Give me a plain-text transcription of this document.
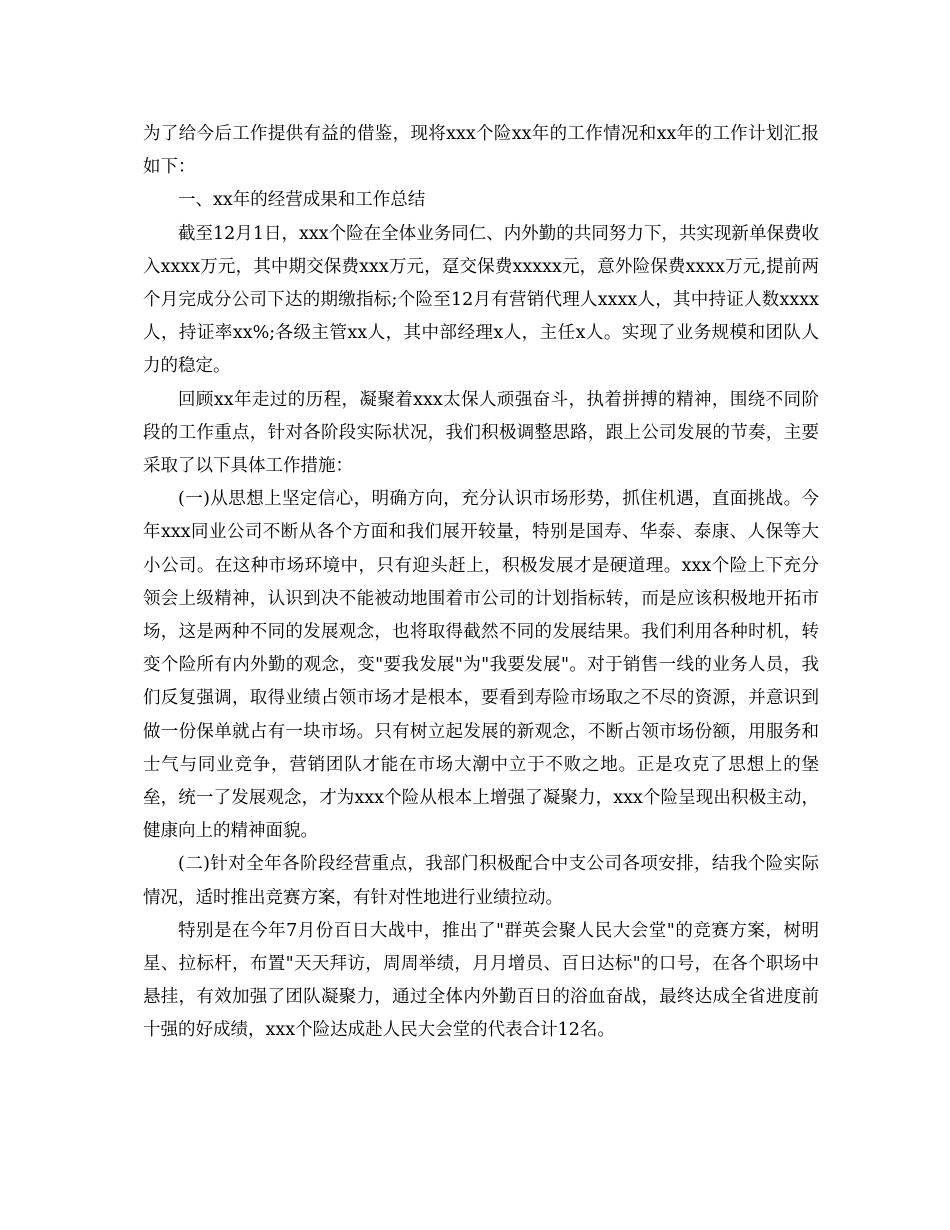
为了给今后工作提供有益的借鉴，现将xxx个险xx年的工作情况和xx年的工作计划汇报如下：

一、xx年的经营成果和工作总结

截至12月1日，xxx个险在全体业务同仁、内外勤的共同努力下，共实现新单保费收入xxxx万元，其中期交保费xxx万元，趸交保费xxxxx元，意外险保费xxxx万元,提前两个月完成分公司下达的期缴指标;个险至12月有营销代理人xxxx人，其中持证人数xxxx人，持证率xx%;各级主管xx人，其中部经理x人，主任x人。实现了业务规模和团队人力的稳定。

回顾xx年走过的历程，凝聚着xxx太保人顽强奋斗，执着拼搏的精神，围绕不同阶段的工作重点，针对各阶段实际状况，我们积极调整思路，跟上公司发展的节奏，主要采取了以下具体工作措施：

(一)从思想上坚定信心，明确方向，充分认识市场形势，抓住机遇，直面挑战。今年xxx同业公司不断从各个方面和我们展开较量，特别是国寿、华泰、泰康、人保等大小公司。在这种市场环境中，只有迎头赶上，积极发展才是硬道理。xxx个险上下充分领会上级精神，认识到决不能被动地围着市公司的计划指标转，而是应该积极地开拓市场，这是两种不同的发展观念，也将取得截然不同的发展结果。我们利用各种时机，转变个险所有内外勤的观念，变"要我发展"为"我要发展"。对于销售一线的业务人员，我们反复强调，取得业绩占领市场才是根本，要看到寿险市场取之不尽的资源，并意识到做一份保单就占有一块市场。只有树立起发展的新观念，不断占领市场份额，用服务和士气与同业竞争，营销团队才能在市场大潮中立于不败之地。正是攻克了思想上的堡垒，统一了发展观念，才为xxx个险从根本上增强了凝聚力，xxx个险呈现出积极主动，健康向上的精神面貌。

(二)针对全年各阶段经营重点，我部门积极配合中支公司各项安排，结我个险实际情况，适时推出竞赛方案，有针对性地进行业绩拉动。

特别是在今年7月份百日大战中，推出了"群英会聚人民大会堂"的竞赛方案，树明星、拉标杆，布置"天天拜访，周周举绩，月月增员、百日达标"的口号，在各个职场中悬挂，有效加强了团队凝聚力，通过全体内外勤百日的浴血奋战，最终达成全省进度前十强的好成绩，xxx个险达成赴人民大会堂的代表合计12名。
